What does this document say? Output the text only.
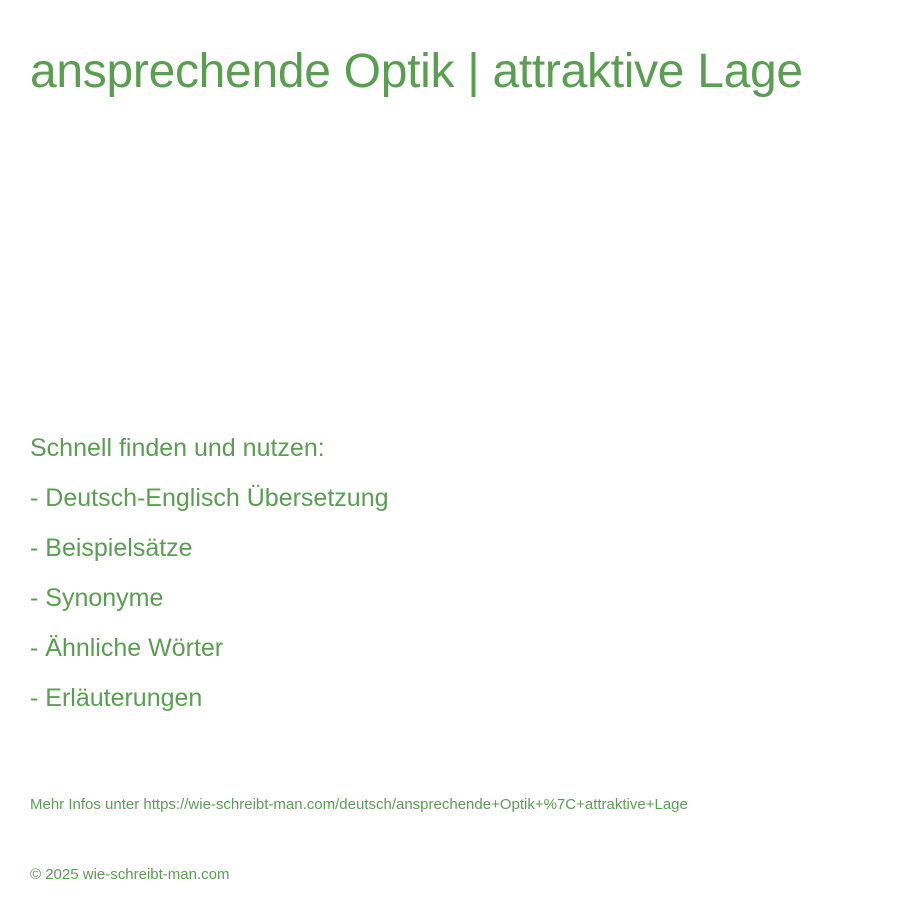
ansprechende Optik | attraktive Lage
Schnell finden und nutzen:
- Deutsch-Englisch Übersetzung
- Beispielsätze
- Synonyme
- Ähnliche Wörter
- Erläuterungen
Mehr Infos unter https://wie-schreibt-man.com/deutsch/ansprechende+Optik+%7C+attraktive+Lage
© 2025 wie-schreibt-man.com
